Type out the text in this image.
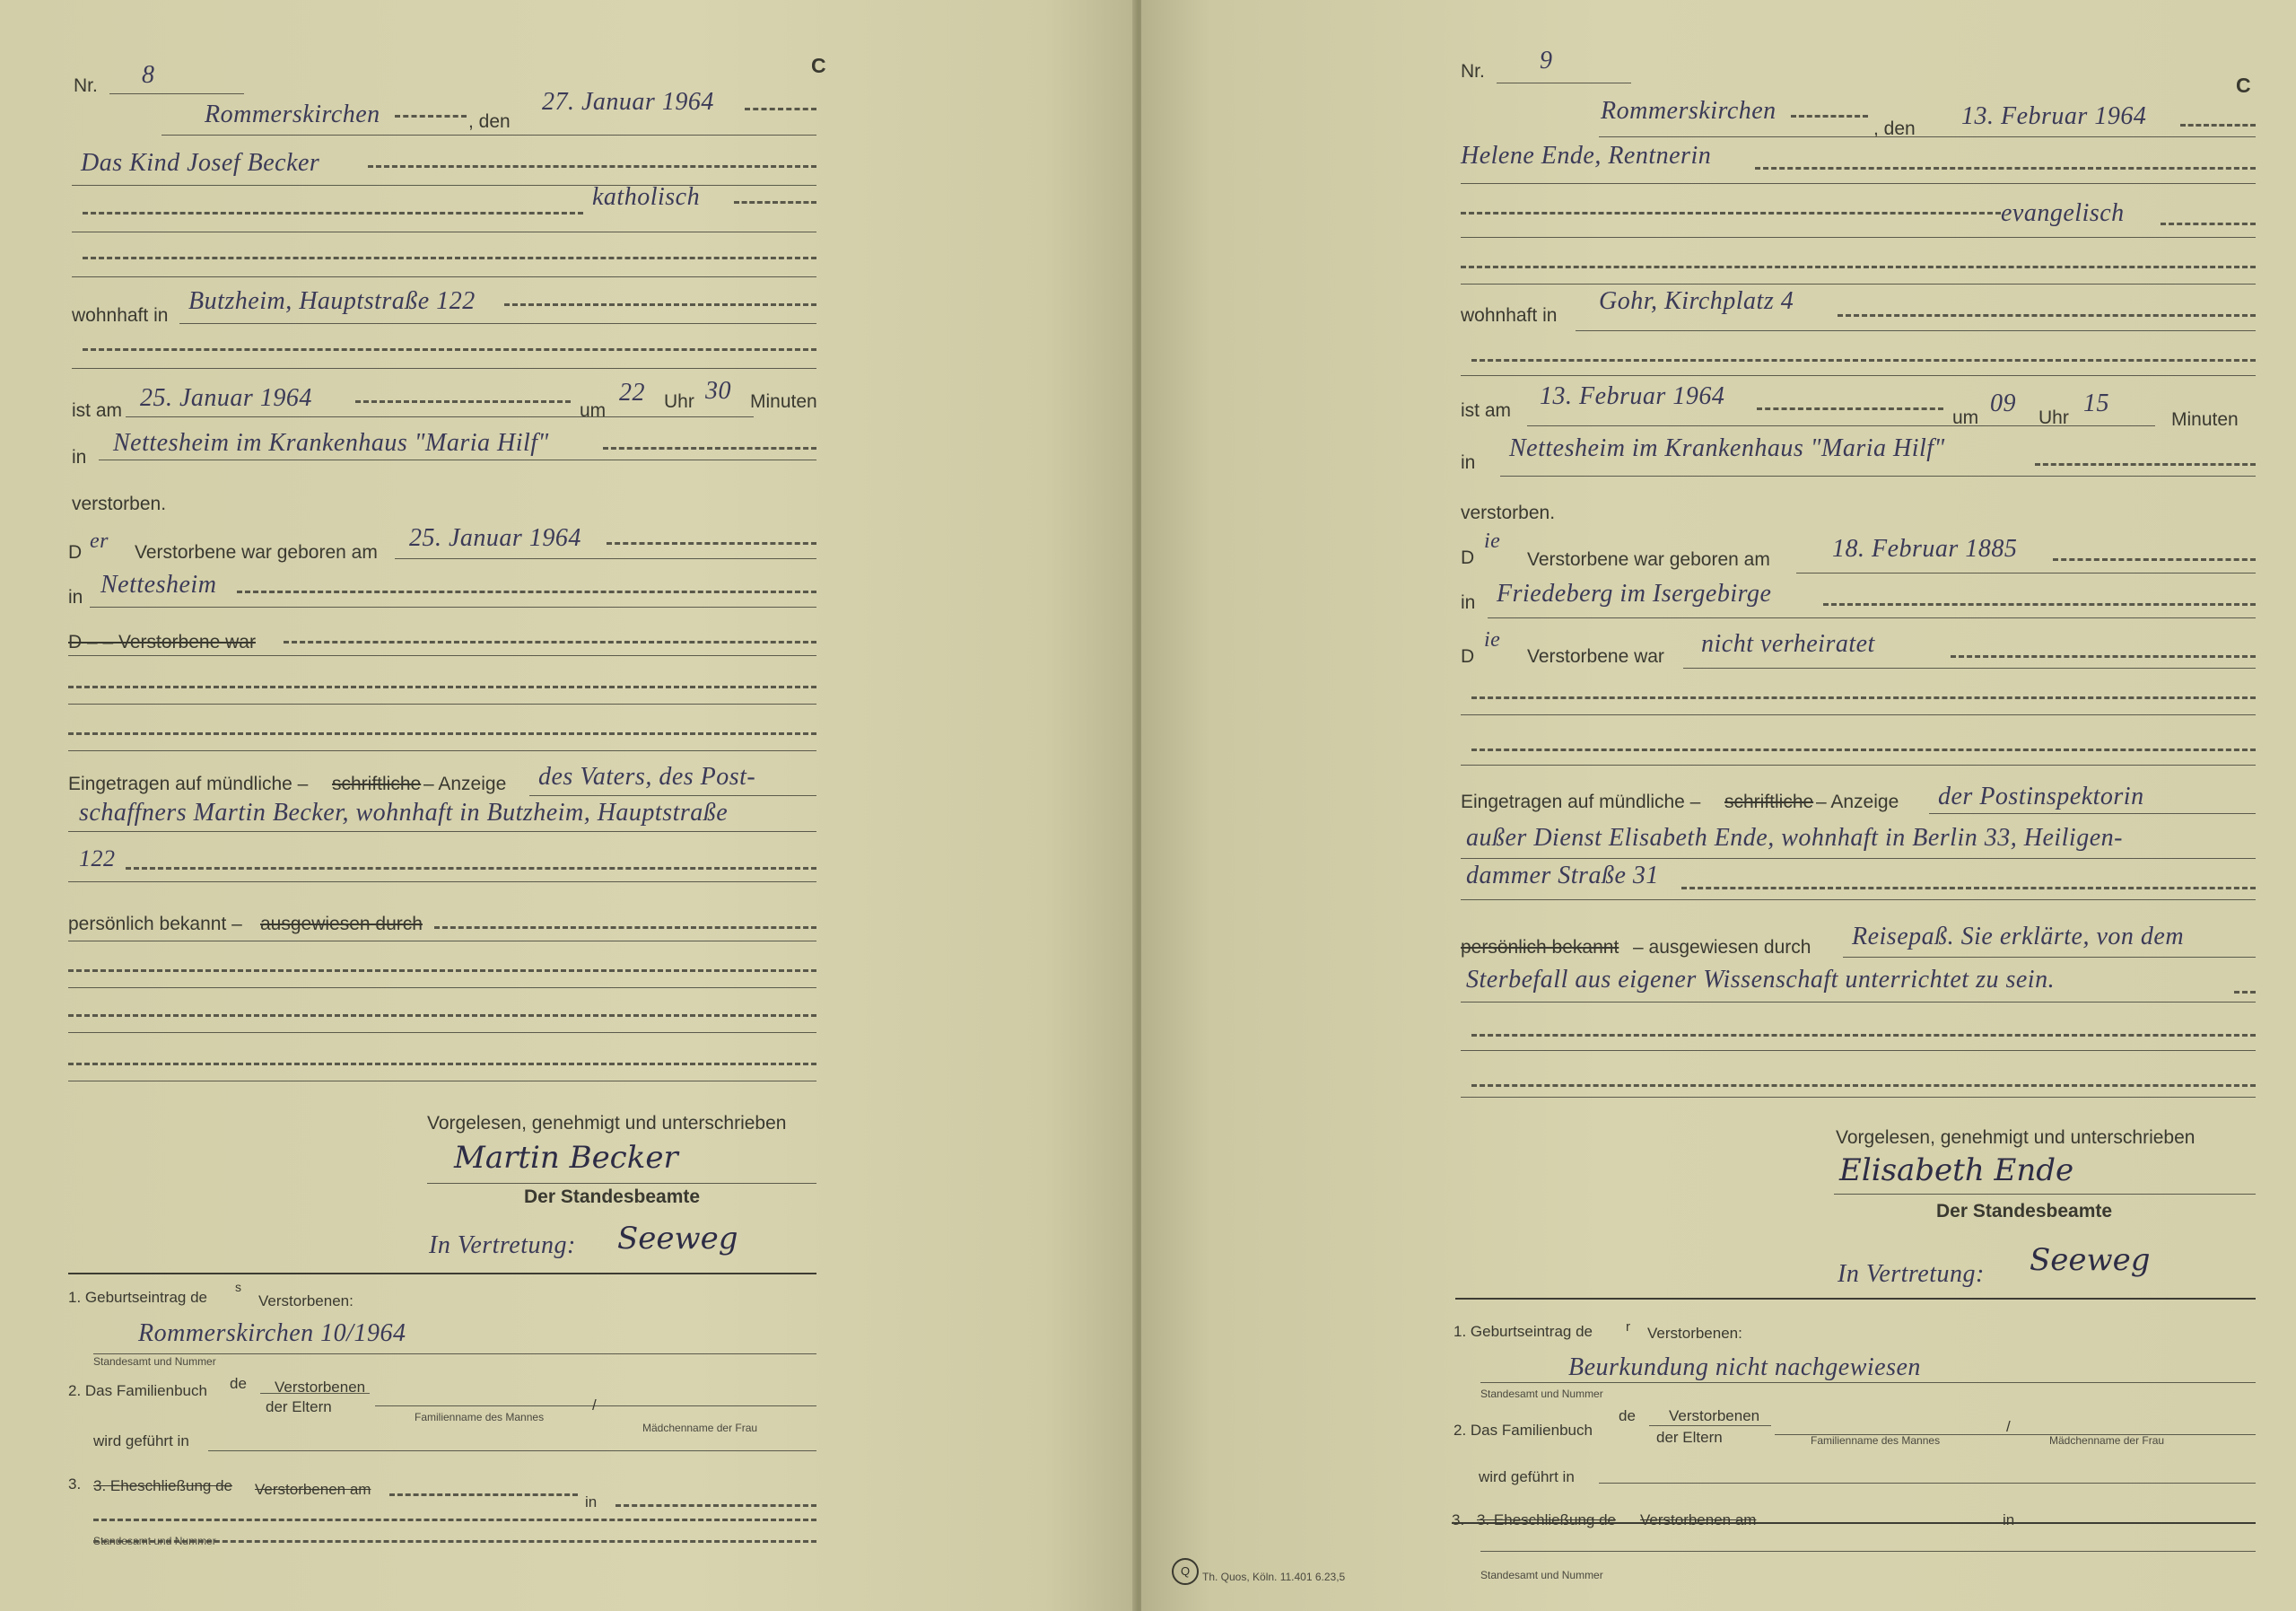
Nr. 8	C
Rommerskirchen	, den
27. Januar 1964
Das Kind Josef Becker
katholisch
wohnhaft in
Butzheim, Hauptstraße 122
ist am 25. Januar 1964	um
22 Uhr 30 Minuten
in
Nettesheim im Krankenhaus "Maria Hilf"
verstorben.
D er Verstorbene war geboren am
25. Januar 1964
in Nettesheim
D – – Verstorbene war
Eingetragen auf mündliche – schriftliche – Anzeige des Vaters, des Post-
schaffners Martin Becker, wohnhaft in Butzheim, Hauptstraße
122
persönlich bekannt – ausgewiesen durch
Vorgelesen, genehmigt und unterschrieben
Martin Becker
Der Standesbeamte
In Vertretung: Seeweg
1. Geburtseintrag de
s
Verstorbenen:
Rommerskirchen 10/1964
Standesamt und Nummer
2. Das Familienbuch de Verstorbenen
der Eltern
Familienname des Mannes
/
Mädchenname der Frau
wird geführt in
3. 3. Eheschließung de Verstorbenen am
in
Standesamt und Nummer
Nr. 9
C
Rommerskirchen
, den 13. Februar 1964
Helene Ende, Rentnerin
evangelisch
wohnhaft in
Gohr, Kirchplatz 4
ist am
13. Februar 1964
um
09
Uhr
15
Minuten
in
Nettesheim im Krankenhaus "Maria Hilf"
verstorben.
D
ie
Verstorbene war geboren am 18. Februar 1885
in Friedeberg im Isergebirge
D
ie
Verstorbene war nicht verheiratet
Eingetragen auf mündliche – schriftliche – Anzeige der Postinspektorin
außer Dienst Elisabeth Ende, wohnhaft in Berlin 33, Heiligen-
dammer Straße 31
persönlich bekannt – ausgewiesen durch Reisepaß. Sie erklärte, von dem
Sterbefall aus eigener Wissenschaft unterrichtet zu sein.
Vorgelesen, genehmigt und unterschrieben
Elisabeth Ende
Der Standesbeamte
In Vertretung: Seeweg
1. Geburtseintrag de r Verstorbenen:
Beurkundung nicht nachgewiesen
Standesamt und Nummer
2. Das Familienbuch
de Verstorbenen
der Eltern	Familienname des Mannes
/
Mädchenname der Frau
wird geführt in
3. 3. Eheschließung de Verstorbenen am	in
Standesamt und Nummer
Q	Th. Quos, Köln. 11.401 6.23,5
